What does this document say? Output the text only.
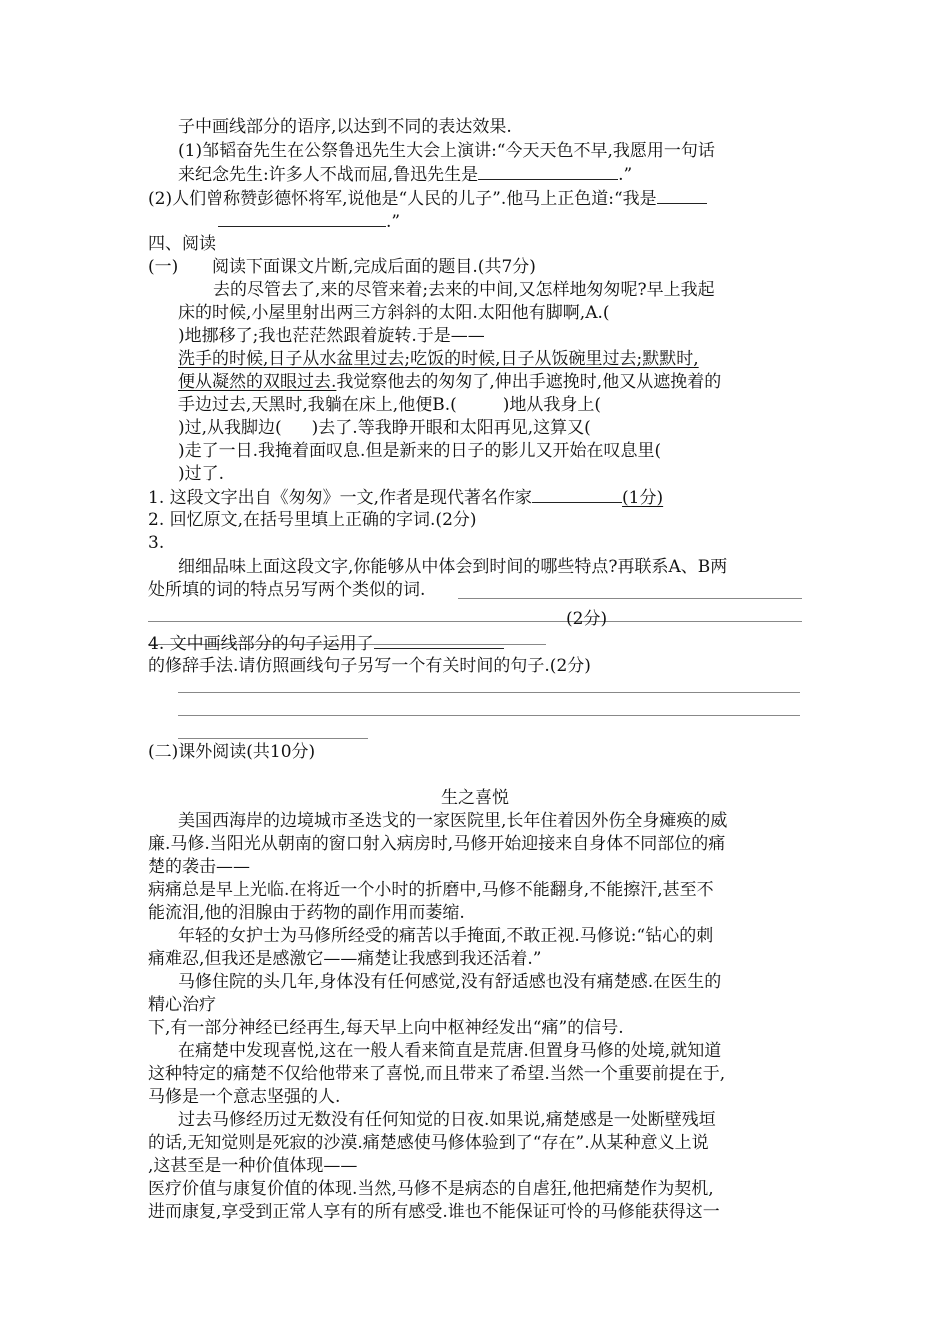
子中画线部分的语序,以达到不同的表达效果.
(1)邹韬奋先生在公祭鲁迅先生大会上演讲:“今天天色不早,我愿用一句话
来纪念先生:许多人不战而屈,鲁迅先生是	.”
(2)人们曾称赞彭德怀将军,说他是“人民的儿子”.他马上正色道:“我是
.”
四、阅读
(一) 阅读下面课文片断,完成后面的题目.(共7分)
去的尽管去了,来的尽管来着;去来的中间,又怎样地匆匆呢?早上我起
床的时候,小屋里射出两三方斜斜的太阳.太阳他有脚啊,A.(
)地挪移了;我也茫茫然跟着旋转.于是——
洗手的时候,日子从水盆里过去;吃饭的时候,日子从饭碗里过去;默默时,
便从凝然的双眼过去.我觉察他去的匆匆了,伸出手遮挽时,他又从遮挽着的
手边过去,天黑时,我躺在床上,他便B.(	)地从我身上(
)过,从我脚边( )去了.等我睁开眼和太阳再见,这算又(
)走了一日.我掩着面叹息.但是新来的日子的影儿又开始在叹息里(
)过了.
1. 这段文字出自《匆匆》一文,作者是现代著名作家	(1分)
2. 回忆原文,在括号里填上正确的字词.(2分)
3.
细细品味上面这段文字,你能够从中体会到时间的哪些特点?再联系A、B两
处所填的词的特点另写两个类似的词.
(2分)
4. 文中画线部分的句子运用了
的修辞手法.请仿照画线句子另写一个有关时间的句子.(2分)
(二)课外阅读(共10分)
生之喜悦
美国西海岸的边境城市圣迭戈的一家医院里,长年住着因外伤全身瘫痪的威
廉.马修.当阳光从朝南的窗口射入病房时,马修开始迎接来自身体不同部位的痛
楚的袭击——
病痛总是早上光临.在将近一个小时的折磨中,马修不能翻身,不能擦汗,甚至不
能流泪,他的泪腺由于药物的副作用而萎缩.
年轻的女护士为马修所经受的痛苦以手掩面,不敢正视.马修说:“钻心的刺
痛难忍,但我还是感激它——痛楚让我感到我还活着.”
马修住院的头几年,身体没有任何感觉,没有舒适感也没有痛楚感.在医生的
精心治疗
下,有一部分神经已经再生,每天早上向中枢神经发出“痛”的信号.
在痛楚中发现喜悦,这在一般人看来简直是荒唐.但置身马修的处境,就知道
这种特定的痛楚不仅给他带来了喜悦,而且带来了希望.当然一个重要前提在于,
马修是一个意志坚强的人.
过去马修经历过无数没有任何知觉的日夜.如果说,痛楚感是一处断壁残垣
的话,无知觉则是死寂的沙漠.痛楚感使马修体验到了“存在”.从某种意义上说
,这甚至是一种价值体现——
医疗价值与康复价值的体现.当然,马修不是病态的自虐狂,他把痛楚作为契机,
进而康复,享受到正常人享有的所有感受.谁也不能保证可怜的马修能获得这一
